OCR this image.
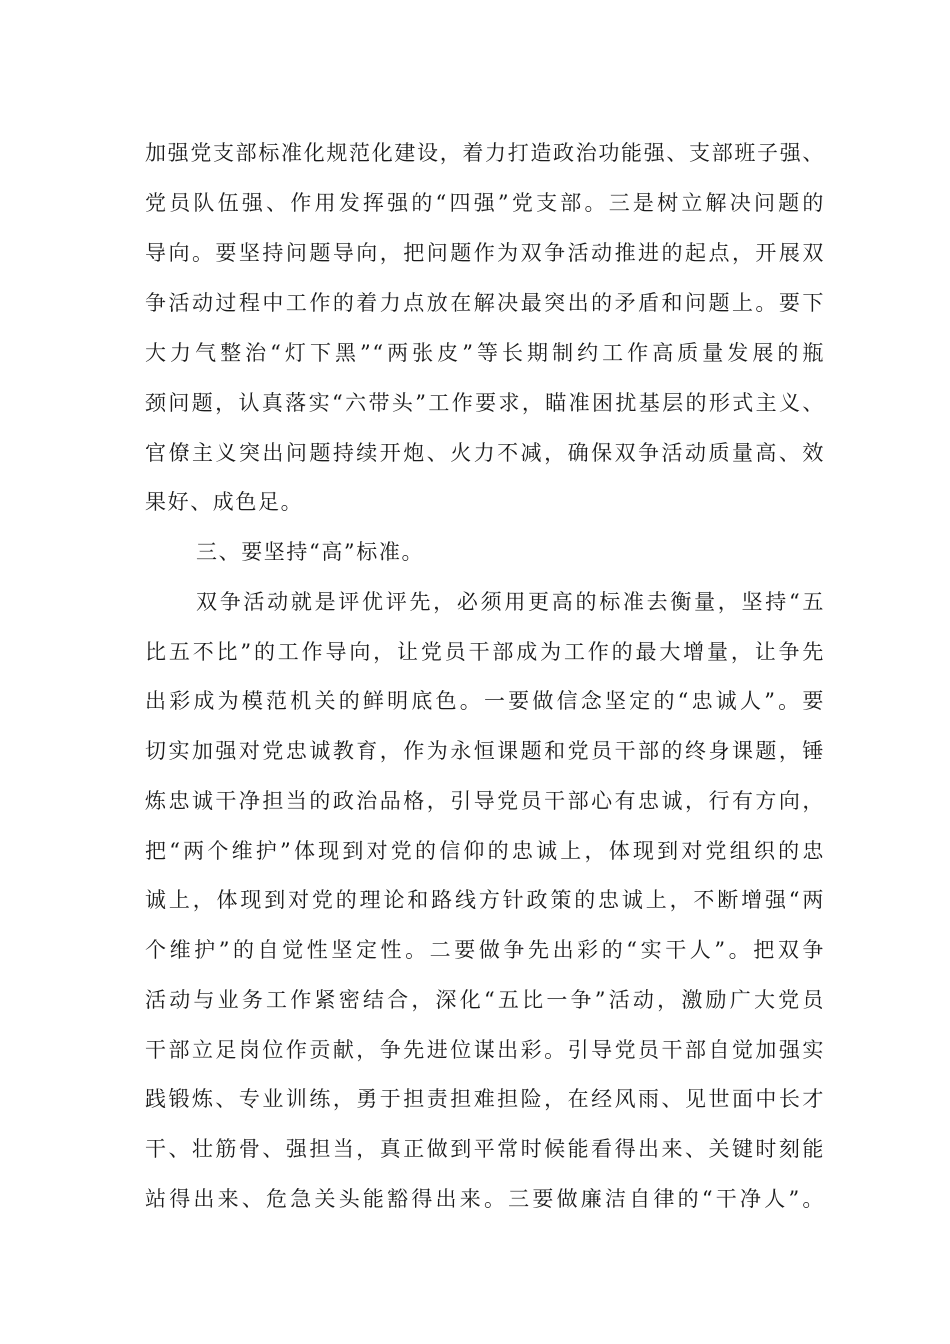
加强党支部标准化规范化建设，着力打造政治功能强、支部班子强、
党员队伍强、作用发挥强的“四强”党支部。三是树立解决问题的
导向。要坚持问题导向，把问题作为双争活动推进的起点，开展双
争活动过程中工作的着力点放在解决最突出的矛盾和问题上。要下
大力气整治“灯下黑”“两张皮”等长期制约工作高质量发展的瓶
颈问题，认真落实“六带头”工作要求，瞄准困扰基层的形式主义、
官僚主义突出问题持续开炮、火力不减，确保双争活动质量高、效
果好、成色足。
三、要坚持“高”标准。
双争活动就是评优评先，必须用更高的标准去衡量，坚持“五
比五不比”的工作导向，让党员干部成为工作的最大增量，让争先
出彩成为模范机关的鲜明底色。一要做信念坚定的“忠诚人”。要
切实加强对党忠诚教育，作为永恒课题和党员干部的终身课题，锤
炼忠诚干净担当的政治品格，引导党员干部心有忠诚，行有方向，
把“两个维护”体现到对党的信仰的忠诚上，体现到对党组织的忠
诚上，体现到对党的理论和路线方针政策的忠诚上，不断增强“两
个维护”的自觉性坚定性。二要做争先出彩的“实干人”。把双争
活动与业务工作紧密结合，深化“五比一争”活动，激励广大党员
干部立足岗位作贡献，争先进位谋出彩。引导党员干部自觉加强实
践锻炼、专业训练，勇于担责担难担险，在经风雨、见世面中长才
干、壮筋骨、强担当，真正做到平常时候能看得出来、关键时刻能
站得出来、危急关头能豁得出来。三要做廉洁自律的“干净人”。
